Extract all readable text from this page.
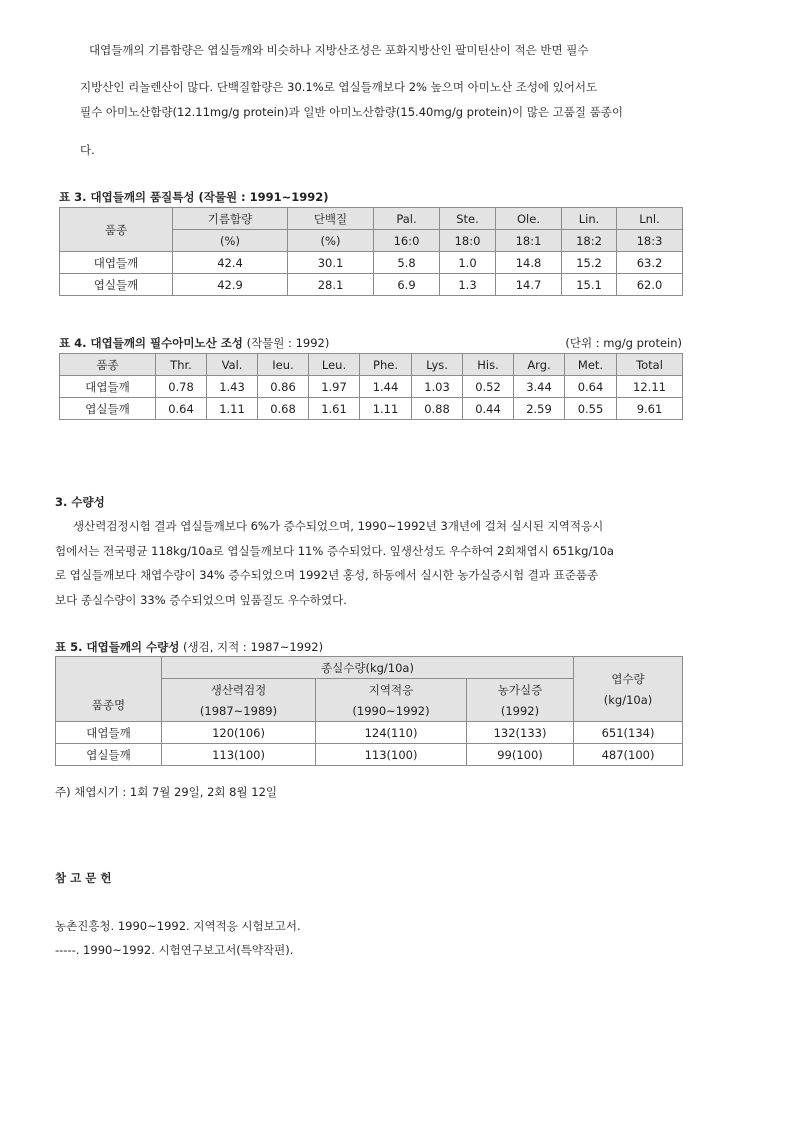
대엽들깨의 기름함량은 엽실들깨와 비슷하나 지방산조성은 포화지방산인 팔미틴산이 적은 반면 필수
지방산인 리놀렌산이 많다. 단백질함량은 30.1%로 엽실들깨보다 2% 높으며 아미노산 조성에 있어서도
필수 아미노산함량(12.11mg/g protein)과 일반 아미노산함량(15.40mg/g protein)이 많은 고품질 품종이
다.
표 3. 대엽들깨의 품질특성 (작물원 : 1991~1992)
품종	기름함량	단백질	Pal.	Ste.	Ole.	Lin.	Lnl.
	(%)	(%)	16:0	18:0	18:1	18:2	18:3
대엽들깨	42.4	30.1	5.8	1.0	14.8	15.2	63.2
엽실들깨	42.9	28.1	6.9	1.3	14.7	15.1	62.0
표 4. 대엽들깨의 필수아미노산 조성 (작물원 : 1992)	(단위 : mg/g protein)
품종	Thr.	Val.	Ieu.	Leu.	Phe.	Lys.	His.	Arg.	Met.	Total
대엽들깨	0.78	1.43	0.86	1.97	1.44	1.03	0.52	3.44	0.64	12.11
엽실들깨	0.64	1.11	0.68	1.61	1.11	0.88	0.44	2.59	0.55	9.61
3. 수량성
생산력검정시험 결과 엽실들깨보다 6%가 증수되었으며, 1990~1992년 3개년에 걸쳐 실시된 지역적응시
험에서는 전국평균 118kg/10a로 엽실들깨보다 11% 증수되었다. 잎생산성도 우수하여 2회채엽시 651kg/10a
로 엽실들깨보다 채엽수량이 34% 증수되었으며 1992년 홍성, 하동에서 실시한 농가실증시험 결과 표준품종
보다 종실수량이 33% 증수되었으며 잎품질도 우수하였다.
표 5. 대엽들깨의 수량성 (생검, 지적 : 1987~1992)
품종명	종실수량(kg/10a)			엽수량
(kg/10a)

	생산력검정	지역적응	농가실증	
	(1987~1989)	(1990~1992)	(1992)	
대엽들깨	120(106)	124(110)	132(133)	651(134)
엽실들깨	113(100)	113(100)	99(100)	487(100)
주) 채엽시기 : 1회 7월 29일, 2회 8월 12일
참 고 문 헌
농촌진흥청. 1990~1992. 지역적응 시험보고서.
-----. 1990~1992. 시험연구보고서(특약작편).
